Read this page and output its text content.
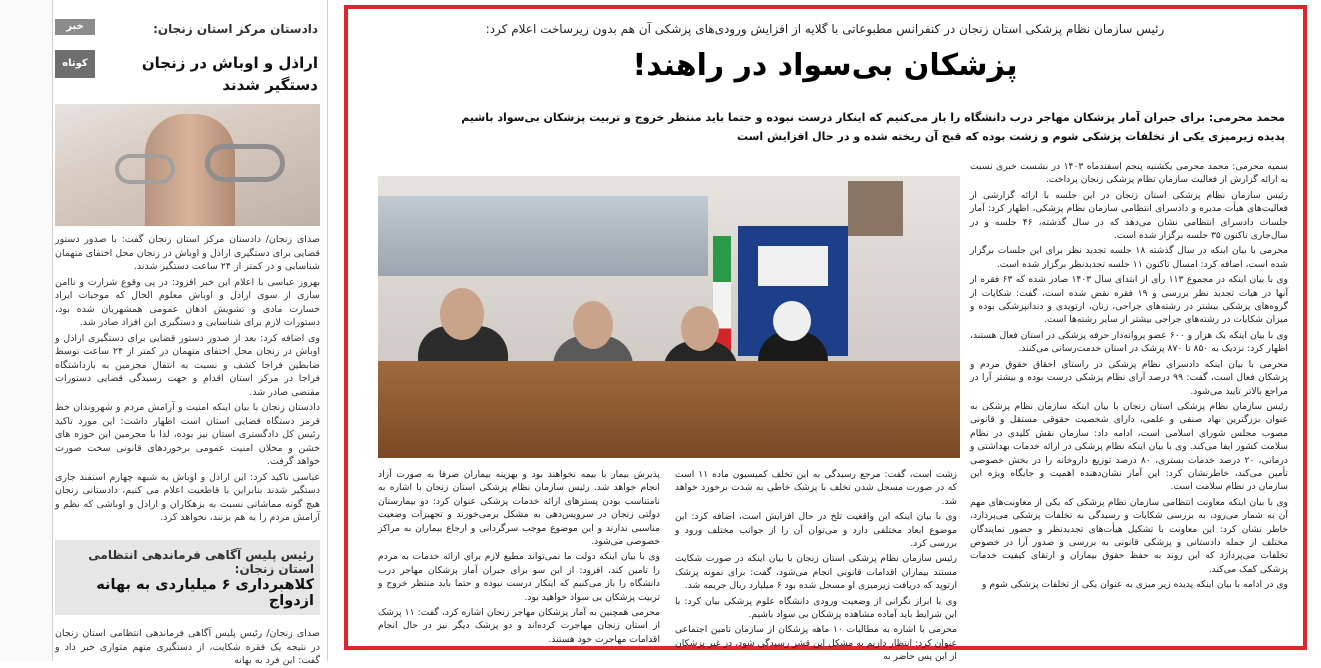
خبر
کوتاه
دادستان مرکز استان زنجان:
اراذل و اوباش در زنجان دستگیر شدند

صدای زنجان/ دادستان مرکز استان زنجان گفت: با صدور دستور قضایی برای دستگیری اراذل و اوباش در زنجان محل اختفای متهمان شناسایی و در کمتر از ۲۴ ساعت دستگیر شدند.

بهروز عباسی با اعلام این خبر افزود: در پی وقوع شرارت و ناامن سازی از سوی اراذل و اوباش معلوم الحال که موجبات ایراد خسارت مادی و تشویش اذهان عمومی همشهریان شده بود، دستورات لازم برای شناسایی و دستگیری این افراد صادر شد.

وی اضافه کرد: بعد از صدور دستور قضایی برای دستگیری اراذل و اوباش در زنجان محل اختفای متهمان در کمتر از ۲۴ ساعت توسط ضابطین فراجا کشف و نسبت به انتقال مجرمین به بازداشتگاه فراجا در مرکز استان اقدام و جهت رسیدگی قضایی دستورات مقتضی صادر شد.

دادستان زنجان با بیان اینکه امنیت و آرامش مردم و شهروندان خط قرمز دستگاه قضایی استان است اظهار داشت: این مورد تاکید رئیس کل دادگستری استان نیز بوده، لذا با مجرمین این حوزه های خشن و مخلان امنیت عمومی برخوردهای قانونی سخت صورت خواهد گرفت.

عباسی تاکید کرد: این اراذل و اوباش به شبهه چهارم استفند جاری دستگیر شدند بنابراین با قاطعیت اعلام می کنیم، دادستانی زنجان هیچ گونه مماشاتی نسبت به بزهکاران و اراذل و اوباشی که نظم و آرامش مردم را به هم بزنند، نخواهد کرد.

رئیس پلیس آگاهی فرماندهی انتظامی استان زنجان:
کلاهبرداری ۶ میلیاردی به بهانه ازدواج
صدای زنجان/ رئیس پلیس آگاهی فرماندهی انتظامی استان زنجان در نتیجه یک فقره شکایت، از دستگیری متهم متواری خبر داد و گفت: این فرد به بهانه
رئیس سازمان نظام پزشکی استان زنجان در کنفرانس مطبوعاتی با گلایه از افزایش ورودی‌های پزشکی آن هم بدون زیرساخت اعلام کرد:
پزشکان بی‌سواد در راهند!
محمد محرمی: برای جبران آمار پزشکان مهاجر درب دانشگاه را باز می‌کنیم که اینکار درست نبوده و حتما باید منتظر خروج و تربیت پزشکان بی‌سواد باشیم
پدیده زیرمیزی یکی از تخلفات پزشکی شوم و زشت بوده که قبح آن ریخته شده و در حال افزایش است

سمیه محرمی: محمد محرمی یکشنبه پنجم اسفندماه ۱۴۰۳ در نشست خبری نسبت به ارائه گزارش از فعالیت سازمان نظام پزشکی زنجان پرداخت.

رئیس سازمان نظام پزشکی استان زنجان در این جلسه با ارائه گزارشی از فعالیت‌های هیأت مدیره و دادسرای انتظامی سازمان نظام پزشکی، اظهار کرد: آمار جلسات دادسرای انتظامی نشان می‌دهد که در سال گذشته، ۴۶ جلسه و در سال‌جاری تاکنون ۳۵ جلسه برگزار شده است.

محرمی با بیان اینکه در سال گذشته ۱۸ جلسه تجدید نظر برای این جلسات برگزار شده است، اضافه کرد: امسال تاکنون ۱۱ جلسه تجدیدنظر برگزار شده است.

وی با بیان اینکه در مجموع ۱۱۳ رأی از ابتدای سال ۱۴۰۳ صادر شده که ۶۳ فقره از آنها در هیات تجدید نظر بررسی و ۱۹ فقره نقض شده است، گفت: شکایات از گروه‌های پزشکی بیشتر در رشته‌های جراحی، زنان، ارتوپدی و دندانپزشکی بوده و میزان شکایات در رشته‌های جراحی بیشتر از سایر رشته‌ها است.

وی با بیان اینکه یک هزار و ۶۰۰ عضو پروانه‌دار حرفه پزشکی در استان فعال هستند، اظهار کرد: نزدیک به ۸۵۰ تا ۸۷۰ پزشک در استان خدمت‌رسانی می‌کنند.

محرمی با بیان اینکه دادسرای نظام پزشکی در راستای احقاق حقوق مردم و پزشکان فعال است، گفت: ۹۹ درصد آرای نظام پزشکی درست بوده و بیشتر آرا در مراجع بالاتر تایید می‌شود.

رئیس سازمان نظام پزشکی استان زنجان با بیان اینکه سازمان نظام پزشکی به عنوان بزرگترین نهاد صنفی و علمی، دارای شخصیت حقوقی مستقل و قانونی مصوب مجلس شورای اسلامی است، ادامه داد: سازمان نقش کلیدی در نظام سلامت کشور ایفا می‌کند. وی با بیان اینکه نظام پزشکی در ارائه خدمات بهداشتی و درمانی، ۲۰ درصد خدمات بستری، ۸۰ درصد توزیع داروخانه را در بخش خصوصی تأمین می‌کند، خاطرنشان کرد: این آمار نشان‌دهنده اهمیت و جایگاه ویژه این سازمان در نظام سلامت است.

وی با بیان اینکه معاونت انتظامی سازمان نظام پزشکی که یکی از معاونت‌های مهم آن به شمار می‌رود، به بررسی شکایات و رسیدگی به تخلفات پزشکی می‌پردازد، خاطر نشان کرد: این معاونت با تشکیل هیأت‌های تجدیدنظر و حضور نمایندگان مختلف از جمله دادستانی و پزشکی قانونی به بررسی و صدور آرا در خصوص تخلفات می‌پردازد که این روند به حفظ حقوق بیماران و ارتقای کیفیت خدمات پزشکی کمک می‌کند.

وی در ادامه با بیان اینکه پدیده زیر میزی به عنوان یکی از تخلفات پزشکی شوم و

زشت است، گفت: مرجع رسیدگی به این تخلف کمیسیون ماده ۱۱ است که در صورت مسجل شدن تخلف با پزشک خاطی به شدت برخورد خواهد شد.

وی با بیان اینکه این واقعیت تلخ در حال افزایش است، اضافه کرد: این موضوع ابعاد مختلفی دارد و می‌توان آن را از جوانب مختلف ورود و بررسی کرد.

رئیس سازمان نظام پزشکی استان زنجان با بیان اینکه در صورت شکایت مستند بیماران اقدامات قانونی انجام می‌شود، گفت: برای نمونه پزشک ارتوپد که دریافت زیرمیزی او مسجل شده بود ۶ میلیارد ریال جریمه شد.

وی با ابراز نگرانی از وضعیت ورودی دانشگاه علوم پزشکی بیان کرد: با این شرایط باید آماده مشاهده پزشکان بی سواد باشیم.

محرمی با اشاره به مطالبات ۱۰ ماهه پزشکان از سازمان تامین اجتماعی عنوان کرد: انتظار داریم به مشکل این قشر رسیدگی شود، در غیر پزشکان از این پس حاضر به

پذیرش بیمار با بیمه نخواهند بود و بهزینه بیماران صرفا به صورت آزاد انجام خواهد شد. رئیس سازمان نظام پزشکی استان زنجان با اشاره به نامتناسب بودن پسترهای ارائه خدمات پزشکی عنوان کرد: دو بیمارستان دولتی زنجان در سرویس‌دهی به مشکل برمی‌خورند و تجهیزات وضعیت مناسبی ندارند و این موضوع موجب سرگردانی و ارجاع بیماران به مراکز خصوصی می‌شود.

وی با بیان اینکه دولت ما نمی‌تواند مطیع لازم برای ارائه خدمات به مردم را تامین کند، افزود: از این سو برای جبران آمار پزشکان مهاجر درب دانشگاه را باز می‌کنیم که اینکار درست نبوده و حتما باید منتظر خروج و تربیت پزشکان بی سواد خواهید بود.

محرمی همچنین به آمار پزشکان مهاجر زنجان اشاره کرد، گفت: ۱۱ پزشک از استان زنجان مهاجرت کرده‌اند و دو پزشک دیگر نیز در حال انجام اقدامات مهاجرت خود هستند.
